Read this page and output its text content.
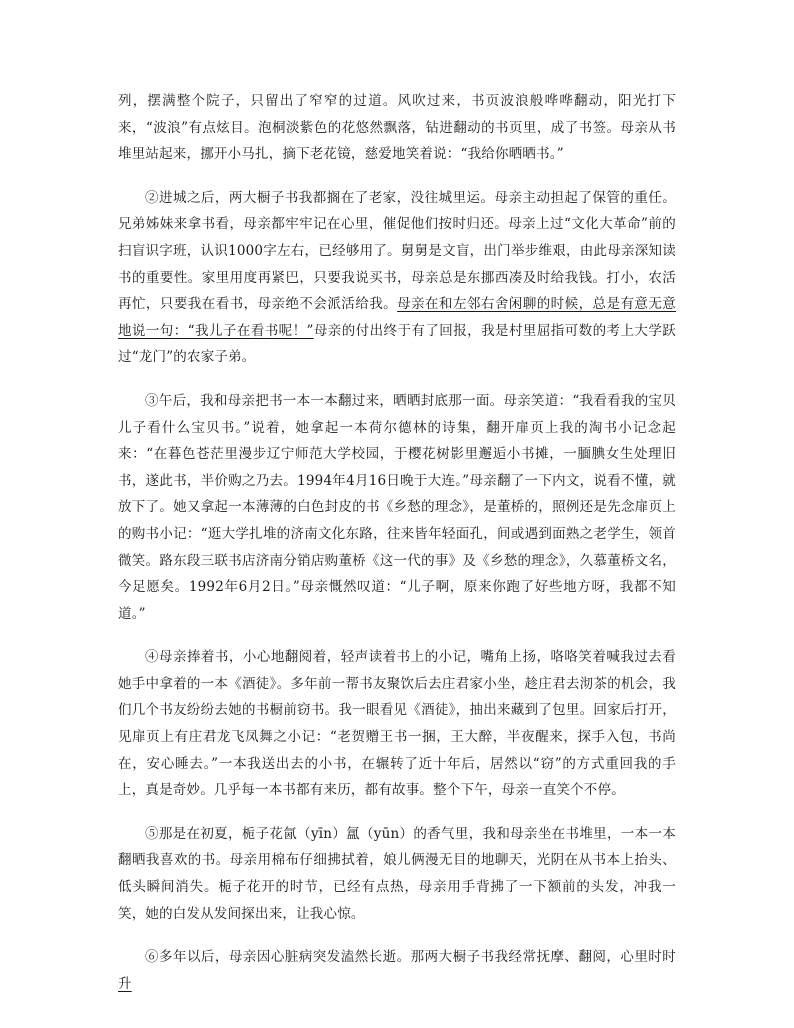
列，摆满整个院子，只留出了窄窄的过道。风吹过来，书页波浪般哗哗翻动，阳光打下来，“波浪”有点炫目。泡桐淡紫色的花悠然飘落，钻进翻动的书页里，成了书签。母亲从书堆里站起来，挪开小马扎，摘下老花镜，慈爱地笑着说：“我给你晒晒书。”

②进城之后，两大橱子书我都搁在了老家，没往城里运。母亲主动担起了保管的重任。兄弟姊妹来拿书看，母亲都牢牢记在心里，催促他们按时归还。母亲上过“文化大革命”前的扫盲识字班，认识1000字左右，已经够用了。舅舅是文盲，出门举步维艰，由此母亲深知读书的重要性。家里用度再紧巴，只要我说买书，母亲总是东挪西凑及时给我钱。打小，农活再忙，只要我在看书，母亲绝不会派活给我。母亲在和左邻右舍闲聊的时候，总是有意无意地说一句：“我儿子在看书呢！”母亲的付出终于有了回报，我是村里屈指可数的考上大学跃过“龙门”的农家子弟。

③午后，我和母亲把书一本一本翻过来，晒晒封底那一面。母亲笑道：“我看看我的宝贝儿子看什么宝贝书。”说着，她拿起一本荷尔德林的诗集，翻开扉页上我的淘书小记念起来：“在暮色苍茫里漫步辽宁师范大学校园，于樱花树影里邂逅小书摊，一腼腆女生处理旧书，遂此书，半价购之乃去。1994年4月16日晚于大连。”母亲翻了一下内文，说看不懂，就放下了。她又拿起一本薄薄的白色封皮的书《乡愁的理念》，是董桥的，照例还是先念扉页上的购书小记：“逛大学扎堆的济南文化东路，往来皆年轻面孔，间或遇到面熟之老学生，领首微笑。路东段三联书店济南分销店购董桥《这一代的事》及《乡愁的理念》，久慕董桥文名，今足愿矣。1992年6月2日。”母亲慨然叹道：“儿子啊，原来你跑了好些地方呀，我都不知道。”

④母亲捧着书，小心地翻阅着，轻声读着书上的小记，嘴角上扬，咯咯笑着喊我过去看她手中拿着的一本《酒徒》。多年前一帮书友聚饮后去庄君家小坐，趁庄君去沏茶的机会，我们几个书友纷纷去她的书橱前窃书。我一眼看见《酒徒》，抽出来藏到了包里。回家后打开，见扉页上有庄君龙飞凤舞之小记：“老贺赠王书一捆，王大醉，半夜醒来，探手入包，书尚在，安心睡去。”一本我送出去的小书，在辗转了近十年后，居然以“窃”的方式重回我的手上，真是奇妙。几乎每一本书都有来历，都有故事。整个下午，母亲一直笑个不停。

⑤那是在初夏，栀子花氤（yīn）氲（yūn）的香气里，我和母亲坐在书堆里，一本一本翻晒我喜欢的书。母亲用棉布仔细拂拭着，娘儿俩漫无目的地聊天，光阴在从书本上抬头、低头瞬间消失。栀子花开的时节，已经有点热，母亲用手背拂了一下额前的头发，冲我一笑，她的白发从发间探出来，让我心惊。

⑥多年以后，母亲因心脏病突发溘然长逝。那两大橱子书我经常抚摩、翻阅，心里时时升
